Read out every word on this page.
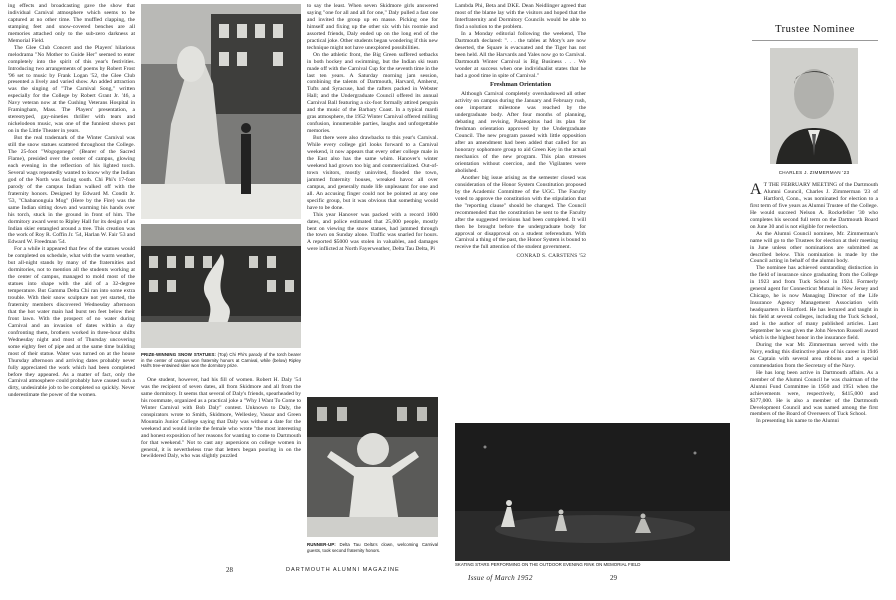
ing effects and broadcasting gave the show that individual Carnival atmosphere which seems to be captured at no other time. The muffled clapping, the stamping feet and snow-covered benches are all memories attached only to the sub-zero darkness at Memorial Field.

The Glee Club Concert and the Players' hilarious melodrama "No Mother to Guide Her" seemed to enter completely into the spirit of this year's festivities. Introducing two arrangements of poems by Robert Frost '96 set to music by Frank Logan '52, the Glee Club presented a lively and varied show. An added attraction was the singing of "The Carnival Song," written especially for the College by Robert Grant Jr. '46, a Navy veteran now at the Cushing Veterans Hospital in Framingham, Mass. The Players' presentation, a stereotyped, gay-nineties thriller with tears and nickelodeon music, was one of the funniest shows put on in the Little Theater in years.

But the real trademark of the Winter Carnival was still the snow statues scattered throughout the College. The 25-foot "Wogogonego" (Bearer of the Sacred Flame), presided over the center of campus, glowing each evening in the reflection of his lighted torch. Several wags repeatedly wanted to know why the Indian god of the North was facing south. Chi Phi's 17-foot parody of the campus Indian walked off with the fraternity honors. Designed by Edward M. Condit Jr. '53, "Chabanonguia Mog" (Here by the Fire) was the same Indian sitting down and warming his hands over his torch, stuck in the ground in front of him. The dormitory award went to Ripley Hall for its design of an Indian skier entangled around a tree. This creation was the work of Roy R. Coffin Jr. '54, Harlan W. Fair '53 and Edward W. Freedman '54.

For a while it appeared that few of the statues would be completed on schedule, what with the warm weather, but all-night stands by many of the fraternities and dormitories, not to mention all the students working at the center of campus, managed to mold most of the statues into shape with the aid of a 32-degree temperature. But Gamma Delta Chi ran into some extra trouble. With their snow sculpture not yet started, the fraternity members discovered Wednesday afternoon that the hot water main had burst ten feet below their front lawn. With the prospect of no water during Carnival and an invasion of dates within a day confronting them, brothers worked in three-hour shifts Wednesday night and most of Thursday uncovering some eighty feet of pipe and at the same time building most of their statue. Water was turned on at the house Thursday afternoon and arriving dates probably never fully appreciated the work which had been completed before they appeared. As a matter of fact, only the Carnival atmosphere could probably have caused such a dirty, undesirable job to be completed so quickly. Never underestimate the power of the women.

PRIZE-WINNING SNOW STATUES: (Top) Chi Phi's parody of the torch bearer in the center of campus won fraternity honors at Carnival, while (below) Ripley Hall's tree-entwined skier won the dormitory prize.

One student, however, had his fill of women. Robert H. Daly '54 was the recipient of seven dates, all from Skidmore and all from the same dormitory. It seems that several of Daly's friends, spearheaded by his roommate, organized as a practical joke a "Why I Want To Come to Winter Carnival with Bob Daly" contest. Unknown to Daly, the conspirators wrote to Smith, Skidmore, Wellesley, Vassar and Green Mountain Junior College saying that Daly was without a date for the weekend and would invite the female who wrote "the most interesting and honest exposition of her reasons for wanting to come to Dartmouth for that weekend." Not to cast any aspersions on college women in general, it is nevertheless true that letters began pouring in on the bewildered Daly, who was slightly puzzled

to say the least. When seven Skidmore girls answered saying "one for all and all for one," Daly pulled a fast one and invited the group up en masse. Picking one for himself and fixing up the other six with his roomie and assorted friends, Daly ended up on the long end of the practical joke. Other students began wondering if this new technique might not have unexplored possibilities.

On the athletic front, the Big Green suffered setbacks in both hockey and swimming, but the Indian ski team made off with the Carnival Cup for the seventh time in the last ten years. A Saturday morning jam session, combining the talents of Dartmouth, Harvard, Amherst, Tufts and Syracuse, had the rafters packed in Webster Hall; and the Undergraduate Council offered its annual Carnival Ball featuring a six-foot formally attired penguin and the music of the Barbary Coast. In a typical mardi gras atmosphere, the 1952 Winter Carnival offered milling confusion, innumerable parties, laughs and unforgettable memories.

But there were also drawbacks to this year's Carnival. While every college girl looks forward to a Carnival weekend, it now appears that every other college male in the East also has the same whim. Hanover's winter weekend had grown too big and commercialized. Out-of-town visitors, mostly uninvited, flooded the town, jammed fraternity houses, wreaked havoc all over campus, and generally made life unpleasant for one and all. An accusing finger could not be pointed at any one specific group, but it was obvious that something would have to be done.

This year Hanover was packed with a record 1600 dates, and police estimated that 25,000 people, mostly bent on viewing the snow statues, had jammed through the town on Sunday alone. Traffic was snarled for hours. A reported $5000 was stolen in valuables, and damages were inflicted at North Fayerweather, Delta Tau Delta, Pi

RUNNER-UP: Delta Tau Delta's clown, welcoming Carnival guests, took second fraternity honors.
28	DARTMOUTH ALUMNI MAGAZINE

Lambda Phi, Beta and DKE. Dean Neidlinger agreed that most of the blame lay with the visitors and hoped that the Interfraternity and Dormitory Councils would be able to find a solution to the problem.

In a Monday editorial following the weekend, The Dartmouth declared: ". . . the tables at Mory's are now deserted, the Square is evacuated and the Tiger has not been held. All the Harvards and Yales now go to Carnival. Dartmouth Winter Carnival is Big Business . . . We wonder at success when one individualist states that he had a good time in spite of Carnival."

Freshman Orientation

Although Carnival completely overshadowed all other activity on campus during the January and February rush, one important milestone was reached by the undergraduate body. After four months of planning, debating and revising, Palaeopitus had its plan for freshman orientation approved by the Undergraduate Council. The new program passed with little opposition after an amendment had been added that called for an honorary sophomore group to aid Green Key in the actual mechanics of the new program. This plan stresses orientation without coercion, and the Vigilantes were abolished.

Another big issue arising as the semester closed was consideration of the Honor System Constitution proposed by the Academic Committee of the UGC. The Faculty voted to approve the constitution with the stipulation that the "reporting clause" should be changed. The Council recommended that the constitution be sent to the Faculty after the suggested revisions had been completed. It will then be brought before the undergraduate body for approval or disapproval on a student referendum. With Carnival a thing of the past, the Honor System is bound to receive the full attention of the student government.

CONRAD S. CARSTENS '52
SKATING STARS PERFORMING ON THE OUTDOOR EVENING RINK ON MEMORIAL FIELD
Issue of March 1952	29
Trustee Nominee
CHARLES J. ZIMMERMAN '23

A T THE FEBRUARY MEETING of the Dartmouth Alumni Council, Charles J. Zimmerman '23 of Hartford, Conn., was nominated for election to a first term of five years as Alumni Trustee of the College. He would succeed Nelson A. Rockefeller '30 who completes his second full term on the Dartmouth Board on June 30 and is not eligible for reelection.

As the Alumni Council nominee, Mr. Zimmerman's name will go to the Trustees for election at their meeting in June unless other nominations are submitted as described below. This nomination is made by the Council acting in behalf of the alumni body.

The nominee has achieved outstanding distinction in the field of insurance since graduating from the College in 1923 and from Tuck School in 1924. Formerly general agent for Connecticut Mutual in New Jersey and Chicago, he is now Managing Director of the Life Insurance Agency Management Association with headquarters in Hartford. He has lectured and taught in his field at several colleges, including the Tuck School, and is the author of many published articles. Last September he was given the John Newton Russell award which is the highest honor in the insurance field.

During the war Mr. Zimmerman served with the Navy, ending this distinctive phase of his career in 1946 as Captain with several area ribbons and a special commendation from the Secretary of the Navy.

He has long been active in Dartmouth affairs. As a member of the Alumni Council he was chairman of the Alumni Fund Committee in 1950 and 1951 when the achievements were, respectively, $415,000 and $377,000. He is also a member of the Dartmouth Development Council and was named among the first members of the Board of Overseers of Tuck School.

In presenting his name to the Alumni
